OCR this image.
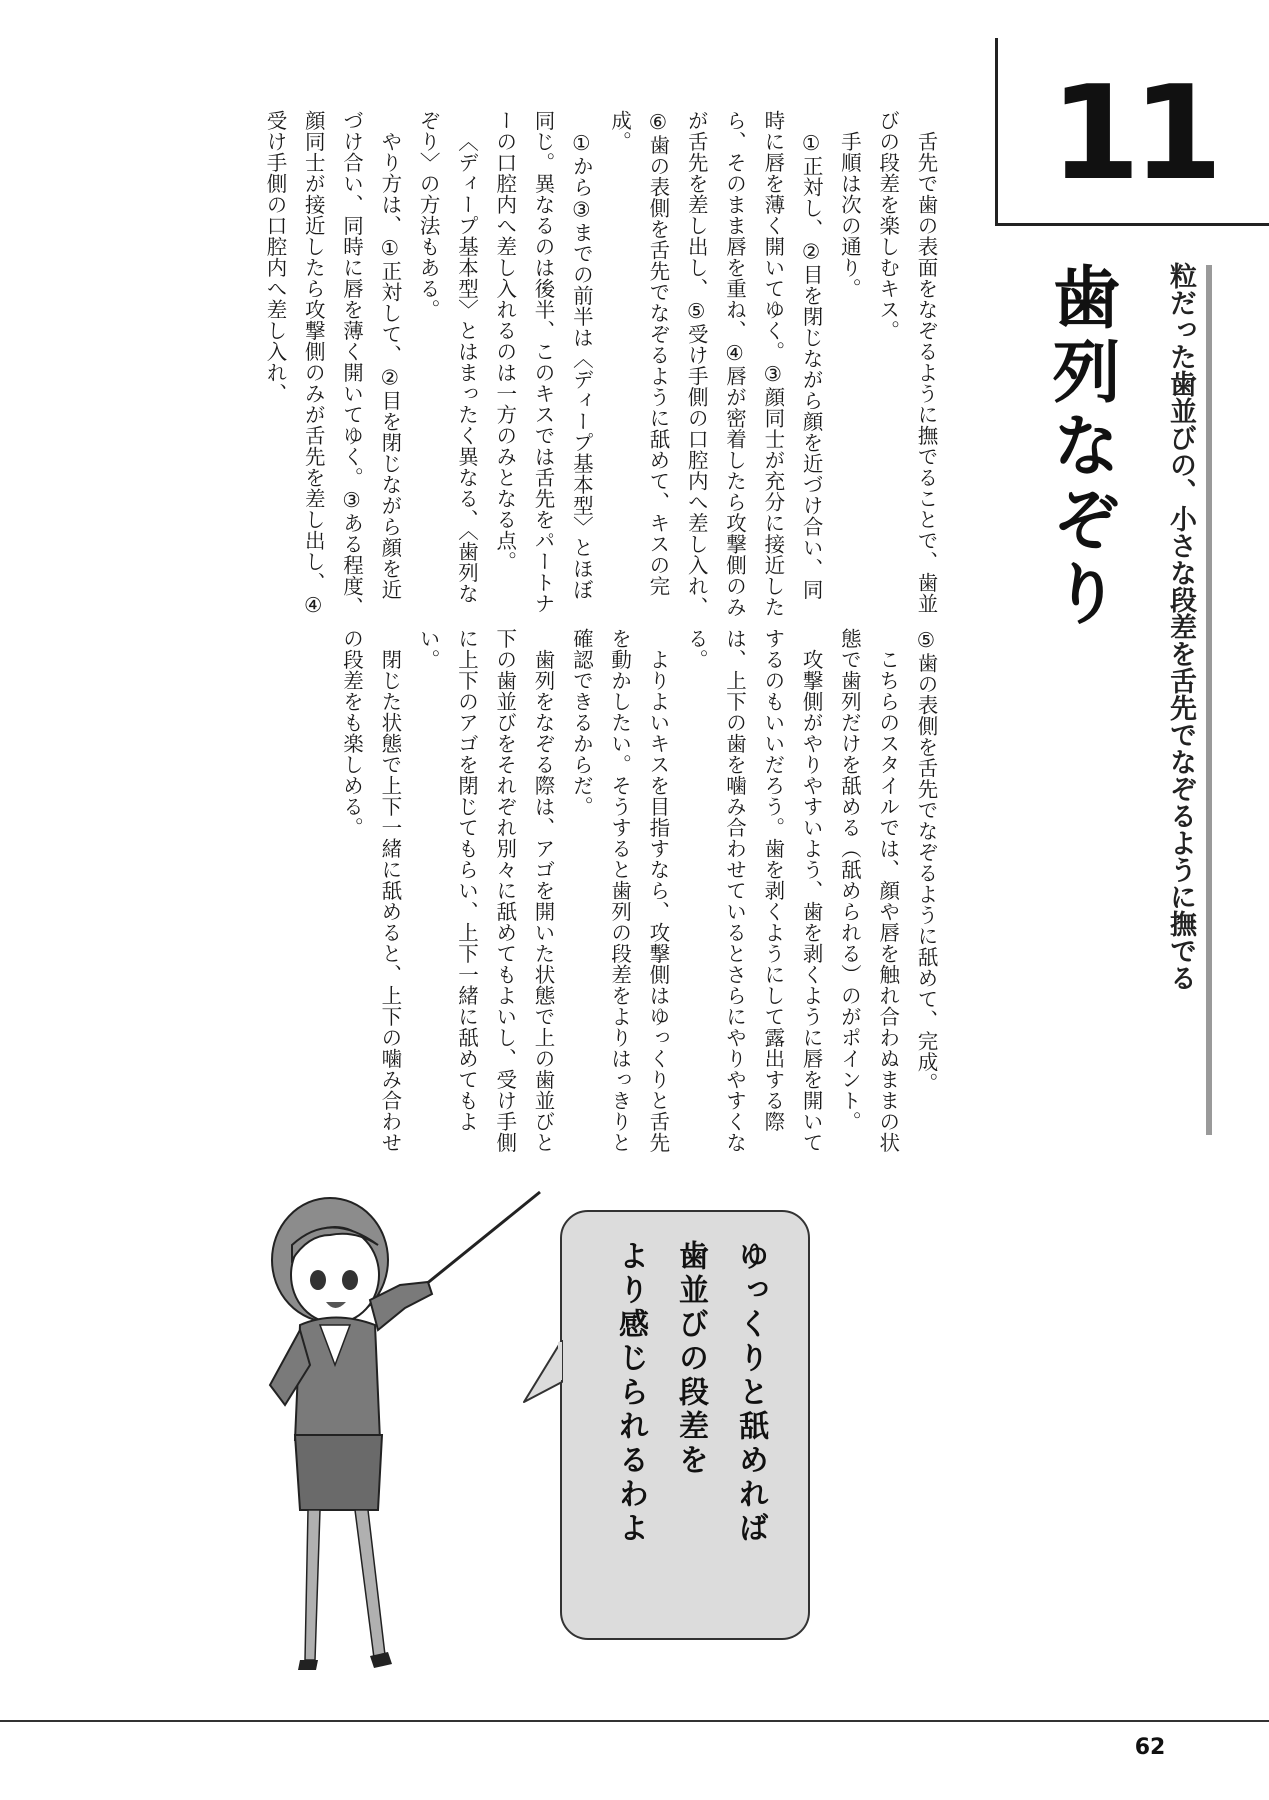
11
歯列なぞり 粒だった歯並びの、小さな段差を舌先でなぞるように撫でる

舌先で歯の表面をなぞるように撫でることで、歯並びの段差を楽しむキス。

手順は次の通り。

①正対し、②目を閉じながら顔を近づけ合い、同時に唇を薄く開いてゆく。③顔同士が充分に接近したら、そのまま唇を重ね、④唇が密着したら攻撃側のみが舌先を差し出し、⑤受け手側の口腔内へ差し入れ、⑥歯の表側を舌先でなぞるように舐めて、キスの完成。

①から③までの前半は〈ディープ基本型〉とほぼ同じ。異なるのは後半、このキスでは舌先をパートナーの口腔内へ差し入れるのは一方のみとなる点。

〈ディープ基本型〉とはまったく異なる、〈歯列なぞり〉の方法もある。

やり方は、①正対して、②目を閉じながら顔を近づけ合い、同時に唇を薄く開いてゆく。③ある程度、顔同士が接近したら攻撃側のみが舌先を差し出し、④受け手側の口腔内へ差し入れ、

⑤歯の表側を舌先でなぞるように舐めて、完成。

こちらのスタイルでは、顔や唇を触れ合わぬままの状態で歯列だけを舐める（舐められる）のがポイント。

攻撃側がやりやすいよう、歯を剥くように唇を開いてするのもいいだろう。歯を剥くようにして露出する際は、上下の歯を噛み合わせているとさらにやりやすくなる。

よりよいキスを目指すなら、攻撃側はゆっくりと舌先を動かしたい。そうすると歯列の段差をよりはっきりと確認できるからだ。

歯列をなぞる際は、アゴを開いた状態で上の歯並びと下の歯並びをそれぞれ別々に舐めてもよいし、受け手側に上下のアゴを閉じてもらい、上下一緒に舐めてもよい。

閉じた状態で上下一緒に舐めると、上下の噛み合わせの段差をも楽しめる。

ゆっくりと舐めれば
歯並びの段差を
より感じられるわよ
62
